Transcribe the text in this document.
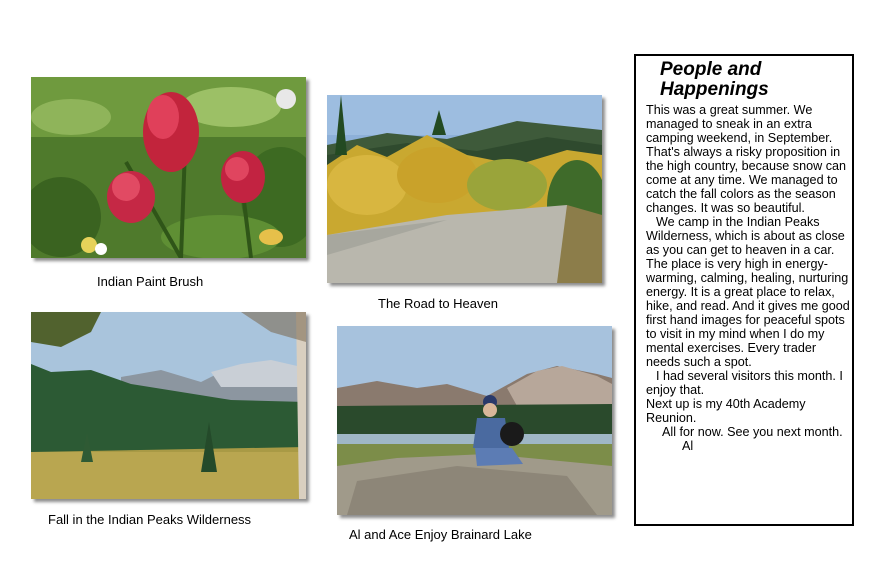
Indian Paint Brush
The Road to Heaven
Fall in the Indian Peaks Wilderness
Al and Ace Enjoy Brainard Lake
People and Happenings

This was a great summer. We managed to sneak in an extra camping weekend, in September. That's always a risky proposition in the high country, because snow can come at any time. We managed to catch the fall colors as the season changes. It was so beautiful.

We camp in the Indian Peaks Wilderness, which is about as close as you can get to heaven in a car. The place is very high in energy-warming, calming, healing, nurturing energy. It is a great place to relax, hike, and read. And it gives me good first hand images for peaceful spots to visit in my mind when I do my mental exercises. Every trader needs such a spot.

I had several visitors this month. I enjoy that.

Next up is my 40th Academy Reunion.

All for now. See you next month.

Al
